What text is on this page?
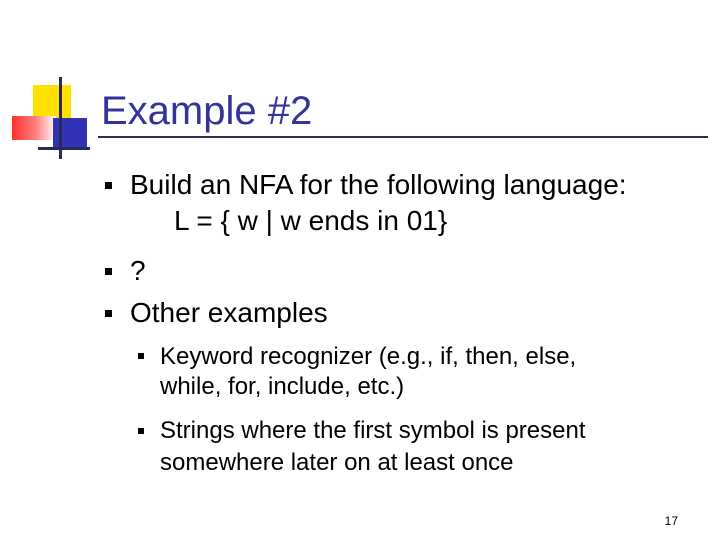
Example #2
Build an NFA for the following language:
L = { w | w ends in 01}
?
Other examples
Keyword recognizer (e.g., if, then, else,
while, for, include, etc.)
Strings where the first symbol is present
somewhere later on at least once
17
